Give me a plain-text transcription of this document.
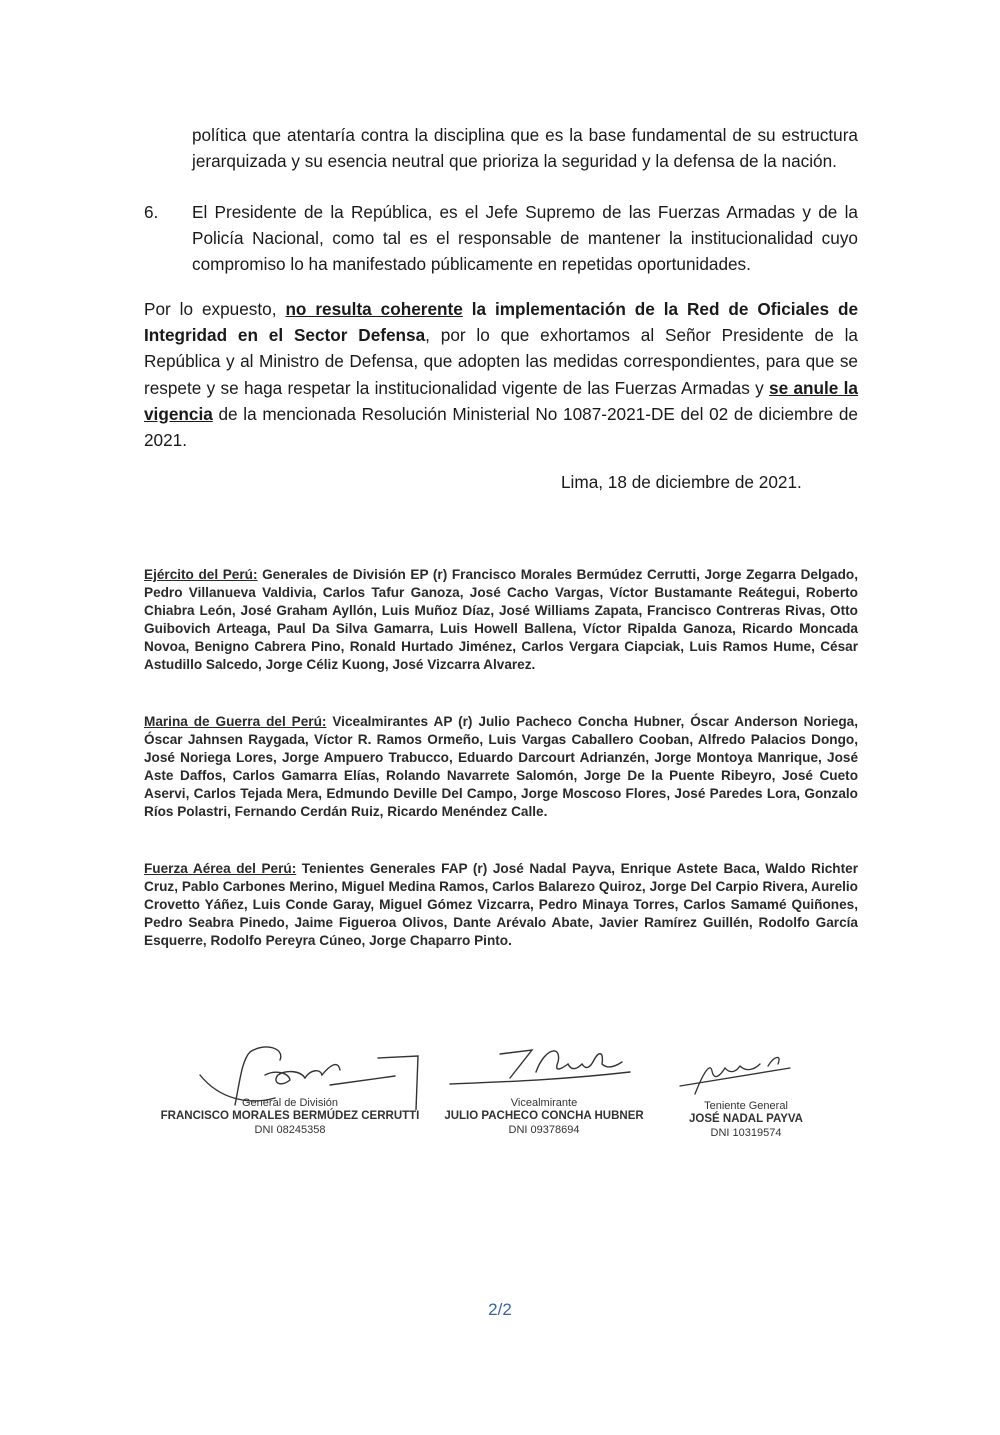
política que atentaría contra la disciplina que es la base fundamental de su estructura jerarquizada y su esencia neutral que prioriza la seguridad y la defensa de la nación.
6. El Presidente de la República, es el Jefe Supremo de las Fuerzas Armadas y de la Policía Nacional, como tal es el responsable de mantener la institucionalidad cuyo compromiso lo ha manifestado públicamente en repetidas oportunidades.
Por lo expuesto, no resulta coherente la implementación de la Red de Oficiales de Integridad en el Sector Defensa, por lo que exhortamos al Señor Presidente de la República y al Ministro de Defensa, que adopten las medidas correspondientes, para que se respete y se haga respetar la institucionalidad vigente de las Fuerzas Armadas y se anule la vigencia de la mencionada Resolución Ministerial No 1087-2021-DE del 02 de diciembre de 2021.
Lima, 18 de diciembre de 2021.
Ejército del Perú: Generales de División EP (r) Francisco Morales Bermúdez Cerrutti, Jorge Zegarra Delgado, Pedro Villanueva Valdivia, Carlos Tafur Ganoza, José Cacho Vargas, Víctor Bustamante Reátegui, Roberto Chiabra León, José Graham Ayllón, Luis Muñoz Díaz, José Williams Zapata, Francisco Contreras Rivas, Otto Guibovich Arteaga, Paul Da Silva Gamarra, Luis Howell Ballena, Víctor Ripalda Ganoza, Ricardo Moncada Novoa, Benigno Cabrera Pino, Ronald Hurtado Jiménez, Carlos Vergara Ciapciak, Luis Ramos Hume, César Astudillo Salcedo, Jorge Céliz Kuong, José Vizcarra Alvarez.
Marina de Guerra del Perú: Vicealmirantes AP (r) Julio Pacheco Concha Hubner, Óscar Anderson Noriega, Óscar Jahnsen Raygada, Víctor R. Ramos Ormeño, Luis Vargas Caballero Cooban, Alfredo Palacios Dongo, José Noriega Lores, Jorge Ampuero Trabucco, Eduardo Darcourt Adrianzén, Jorge Montoya Manrique, José Aste Daffos, Carlos Gamarra Elías, Rolando Navarrete Salomón, Jorge De la Puente Ribeyro, José Cueto Aservi, Carlos Tejada Mera, Edmundo Deville Del Campo, Jorge Moscoso Flores, José Paredes Lora, Gonzalo Ríos Polastri, Fernando Cerdán Ruiz, Ricardo Menéndez Calle.
Fuerza Aérea del Perú: Tenientes Generales FAP (r) José Nadal Payva, Enrique Astete Baca, Waldo Richter Cruz, Pablo Carbones Merino, Miguel Medina Ramos, Carlos Balarezo Quiroz, Jorge Del Carpio Rivera, Aurelio Crovetto Yáñez, Luis Conde Garay, Miguel Gómez Vizcarra, Pedro Minaya Torres, Carlos Samamé Quiñones, Pedro Seabra Pinedo, Jaime Figueroa Olivos, Dante Arévalo Abate, Javier Ramírez Guillén, Rodolfo García Esquerre, Rodolfo Pereyra Cúneo, Jorge Chaparro Pinto.
General de División
FRANCISCO MORALES BERMÚDEZ CERRUTTI
DNI 08245358
Vicealmirante
JULIO PACHECO CONCHA HUBNER
DNI 09378694
Teniente General
JOSÉ NADAL PAYVA
DNI 10319574
2/2
